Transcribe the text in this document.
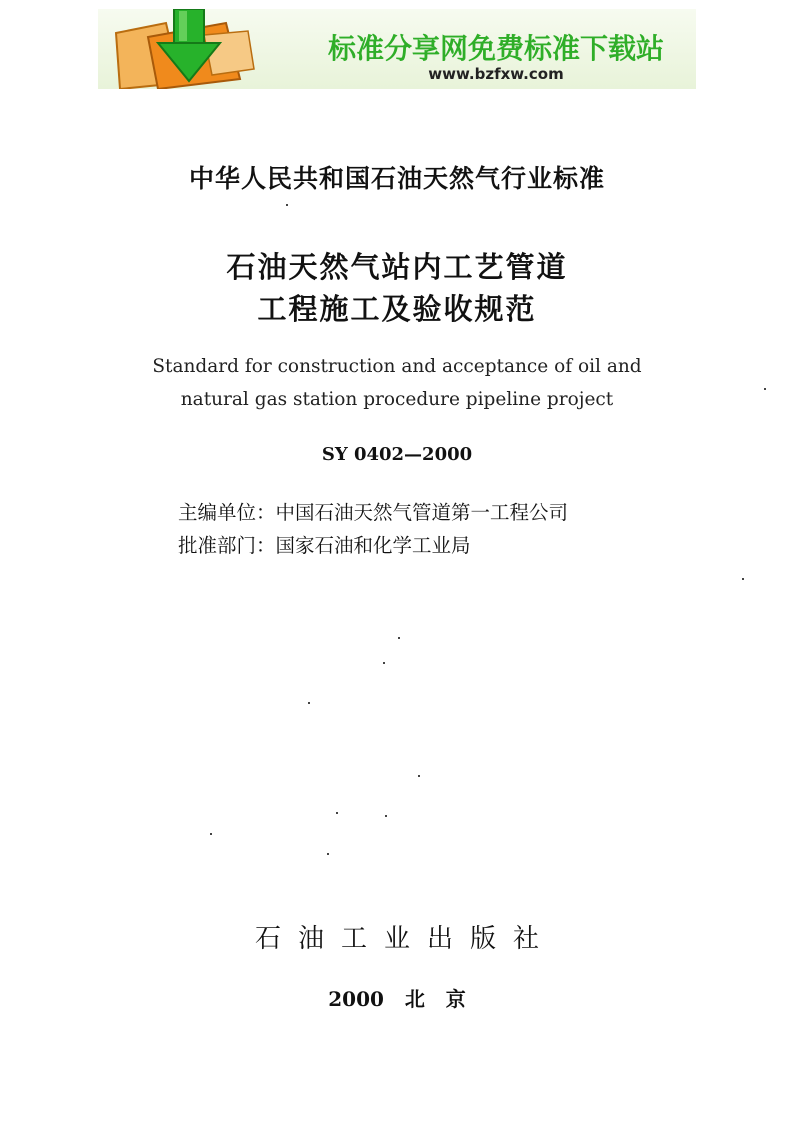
标准分享网免费标准下载站
www.bzfxw.com
中华人民共和国石油天然气行业标准
石油天然气站内工艺管道
工程施工及验收规范
Standard for construction and acceptance of oil and
natural gas station procedure pipeline project
SY 0402—2000
主编单位：中国石油天然气管道第一工程公司
批准部门：国家石油和化学工业局
石油工业出版社
2000   北   京
